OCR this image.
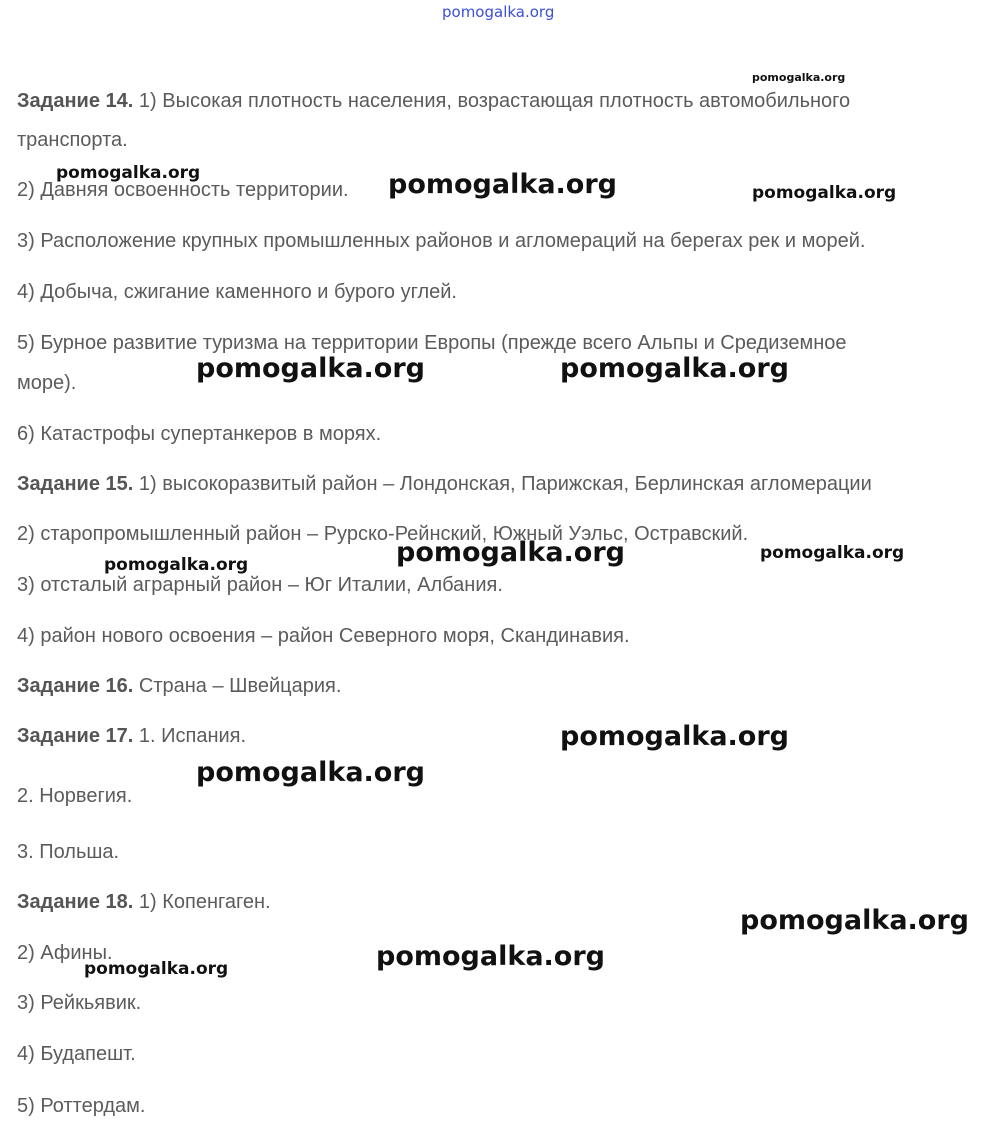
pomogalka.org
Задание 14. 1) Высокая плотность населения, возрастающая плотность автомобильного
транспорта.
2) Давняя освоенность территории.
3) Расположение крупных промышленных районов и агломераций на берегах рек и морей.
4) Добыча, сжигание каменного и бурого углей.
5) Бурное развитие туризма на территории Европы (прежде всего Альпы и Средиземное
море).
6) Катастрофы супертанкеров в морях.
Задание 15. 1) высокоразвитый район – Лондонская, Парижская, Берлинская агломерации
2) старопромышленный район – Рурско-Рейнский, Южный Уэльс, Остравский.
3) отсталый аграрный район – Юг Италии, Албания.
4) район нового освоения – район Северного моря, Скандинавия.
Задание 16. Страна – Швейцария.
Задание 17. 1. Испания.
2. Норвегия.
3. Польша.
Задание 18. 1) Копенгаген.
2) Афины.
3) Рейкьявик.
4) Будапешт.
5) Роттердам.
pomogalka.org
pomogalka.org	pomogalka.org	pomogalka.org
pomogalka.org	pomogalka.org
pomogalka.org	pomogalka.org	pomogalka.org
pomogalka.org
pomogalka.org
pomogalka.org
pomogalka.org
pomogalka.org
